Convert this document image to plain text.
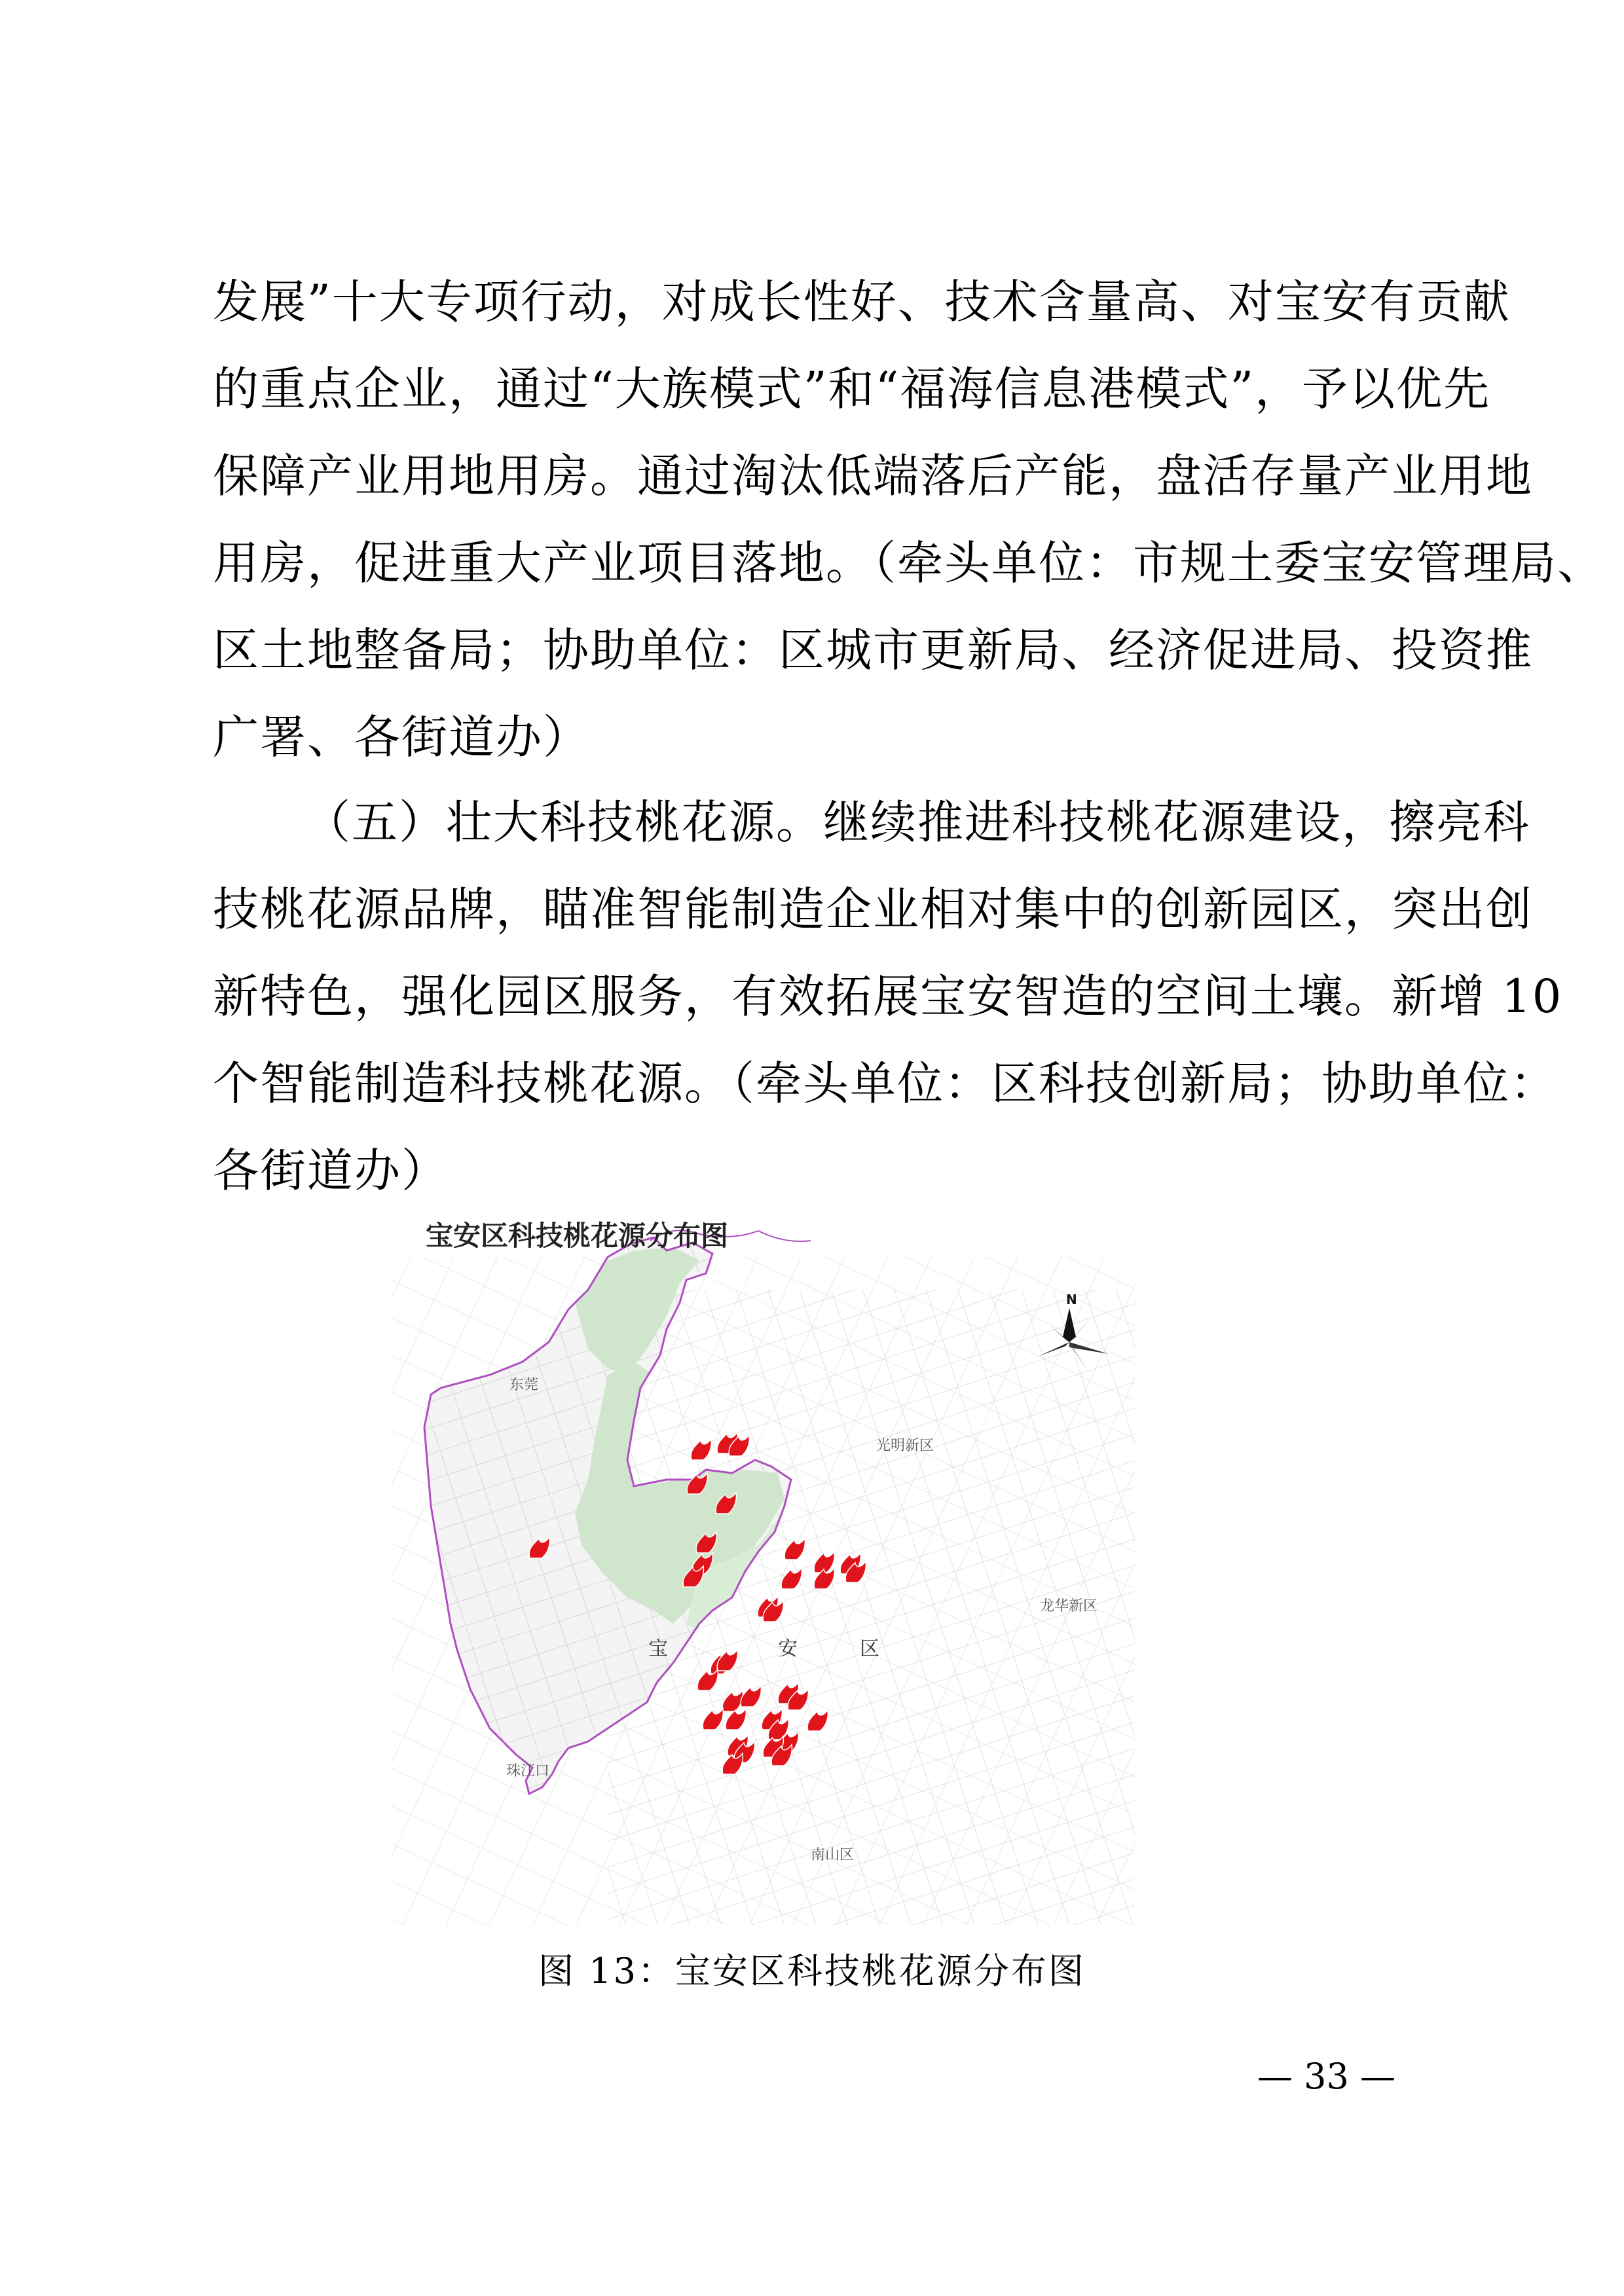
发展”十大专项行动，对成长性好、技术含量高、对宝安有贡献
的重点企业，通过“大族模式”和“福海信息港模式”，予以优先
保障产业用地用房。通过淘汰低端落后产能，盘活存量产业用地
用房，促进重大产业项目落地。（牵头单位：市规土委宝安管理局、
区土地整备局；协助单位：区城市更新局、经济促进局、投资推
广署、各街道办）
（五）壮大科技桃花源。继续推进科技桃花源建设，擦亮科
技桃花源品牌，瞄准智能制造企业相对集中的创新园区，突出创
新特色，强化园区服务，有效拓展宝安智造的空间土壤。新增 10
个智能制造科技桃花源。（牵头单位：区科技创新局；协助单位：
各街道办）
宝安区科技桃花源分布图
N
东莞
光明新区
龙华新区
珠江口
南山区
宝	安	区
图 13：宝安区科技桃花源分布图
— 33 —
